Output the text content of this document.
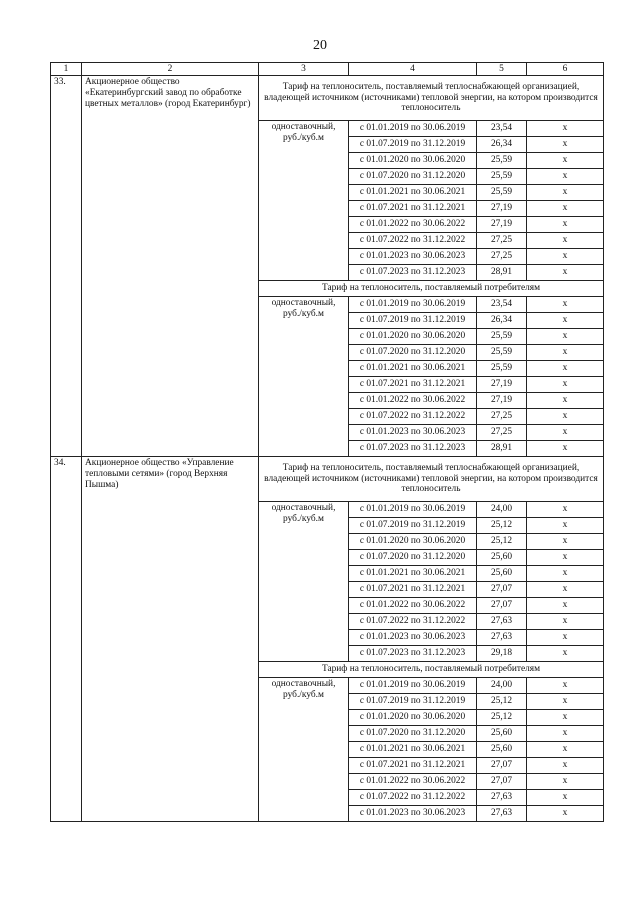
20
1	2	3	4	5	6
33.	Акционерное общество «Екатеринбургский завод по обработке цветных металлов» (город Екатеринбург)	Тариф на теплоноситель, поставляемый теплоснабжающей организацией, владеющей источником (источниками) тепловой энергии, на котором производится теплоноситель			
		одноставочный, руб./куб.м	с 01.01.2019 по 30.06.2019	23,54	х
			с 01.07.2019 по 31.12.2019	26,34	х
			с 01.01.2020 по 30.06.2020	25,59	х
			с 01.07.2020 по 31.12.2020	25,59	х
			с 01.01.2021 по 30.06.2021	25,59	х
			с 01.07.2021 по 31.12.2021	27,19	х
			с 01.01.2022 по 30.06.2022	27,19	х
			с 01.07.2022 по 31.12.2022	27,25	х
			с 01.01.2023 по 30.06.2023	27,25	х
			с 01.07.2023 по 31.12.2023	28,91	х
		Тариф на теплоноситель, поставляемый потребителям			
		одноставочный, руб./куб.м	с 01.01.2019 по 30.06.2019	23,54	х
			с 01.07.2019 по 31.12.2019	26,34	х
			с 01.01.2020 по 30.06.2020	25,59	х
			с 01.07.2020 по 31.12.2020	25,59	х
			с 01.01.2021 по 30.06.2021	25,59	х
			с 01.07.2021 по 31.12.2021	27,19	х
			с 01.01.2022 по 30.06.2022	27,19	х
			с 01.07.2022 по 31.12.2022	27,25	х
			с 01.01.2023 по 30.06.2023	27,25	х
			с 01.07.2023 по 31.12.2023	28,91	х
34.	Акционерное общество «Управление тепловыми сетями» (город Верхняя Пышма)	Тариф на теплоноситель, поставляемый теплоснабжающей организацией, владеющей источником (источниками) тепловой энергии, на котором производится теплоноситель			
		одноставочный, руб./куб.м	с 01.01.2019 по 30.06.2019	24,00	х
			с 01.07.2019 по 31.12.2019	25,12	х
			с 01.01.2020 по 30.06.2020	25,12	х
			с 01.07.2020 по 31.12.2020	25,60	х
			с 01.01.2021 по 30.06.2021	25,60	х
			с 01.07.2021 по 31.12.2021	27,07	х
			с 01.01.2022 по 30.06.2022	27,07	х
			с 01.07.2022 по 31.12.2022	27,63	х
			с 01.01.2023 по 30.06.2023	27,63	х
			с 01.07.2023 по 31.12.2023	29,18	х
		Тариф на теплоноситель, поставляемый потребителям			
		одноставочный, руб./куб.м	с 01.01.2019 по 30.06.2019	24,00	х
			с 01.07.2019 по 31.12.2019	25,12	х
			с 01.01.2020 по 30.06.2020	25,12	х
			с 01.07.2020 по 31.12.2020	25,60	х
			с 01.01.2021 по 30.06.2021	25,60	х
			с 01.07.2021 по 31.12.2021	27,07	х
			с 01.01.2022 по 30.06.2022	27,07	х
			с 01.07.2022 по 31.12.2022	27,63	х
			с 01.01.2023 по 30.06.2023	27,63	х
